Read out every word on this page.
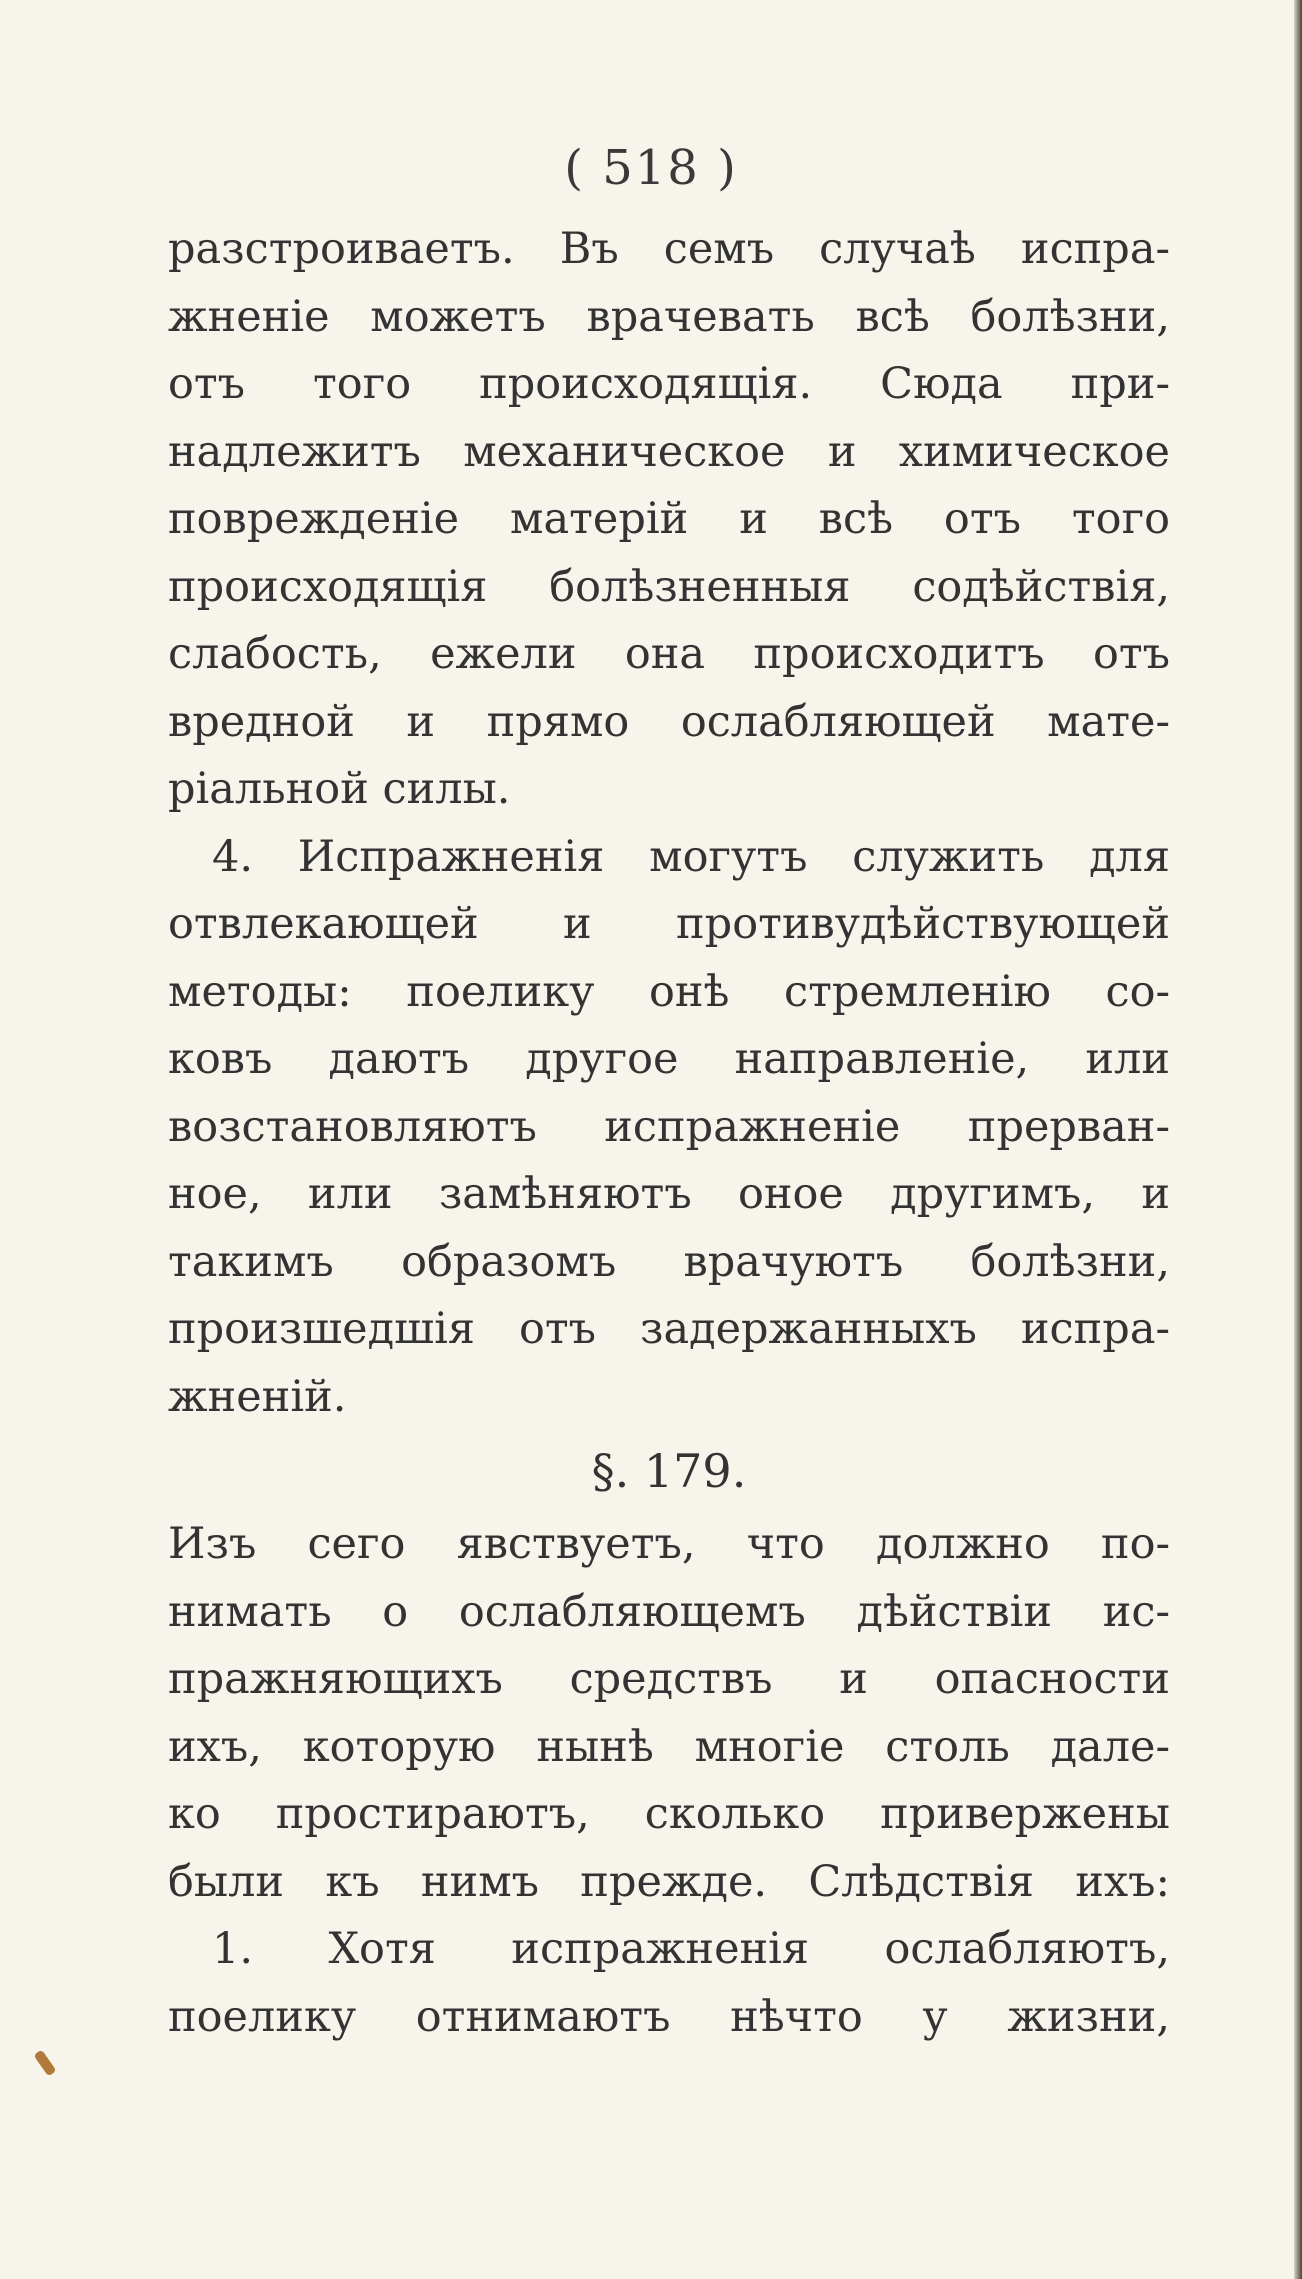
( 518 )
разстроиваетъ. Въ семъ случаѣ испра-
жненіе можетъ врачевать всѣ болѣзни,
отъ того происходящія. Сюда при-
надлежитъ механическое и химическое
поврежденіе матерій и всѣ отъ того
происходящія болѣзненныя содѣйствія,
слабость, ежели она происходитъ отъ
вредной и прямо ослабляющей мате-
ріальной силы.
4. Испражненія могутъ служить для
отвлекающей и противудѣйствующей
методы: поелику онѣ стремленію со-
ковъ даютъ другое направленіе, или
возстановляютъ испражненіе прерван-
ное, или замѣняютъ оное другимъ, и
такимъ образомъ врачуютъ болѣзни,
произшедшія отъ задержанныхъ испра-
жненій.
§. 179.
Изъ сего явствуетъ, что должно по-
нимать о ослабляющемъ дѣйствіи ис-
пражняющихъ средствъ и опасности
ихъ, которую нынѣ многіе столь дале-
ко простираютъ, сколько привержены
были къ нимъ прежде. Слѣдствія ихъ:
1. Хотя испражненія ослабляютъ,
поелику отнимаютъ нѣчто у жизни,
